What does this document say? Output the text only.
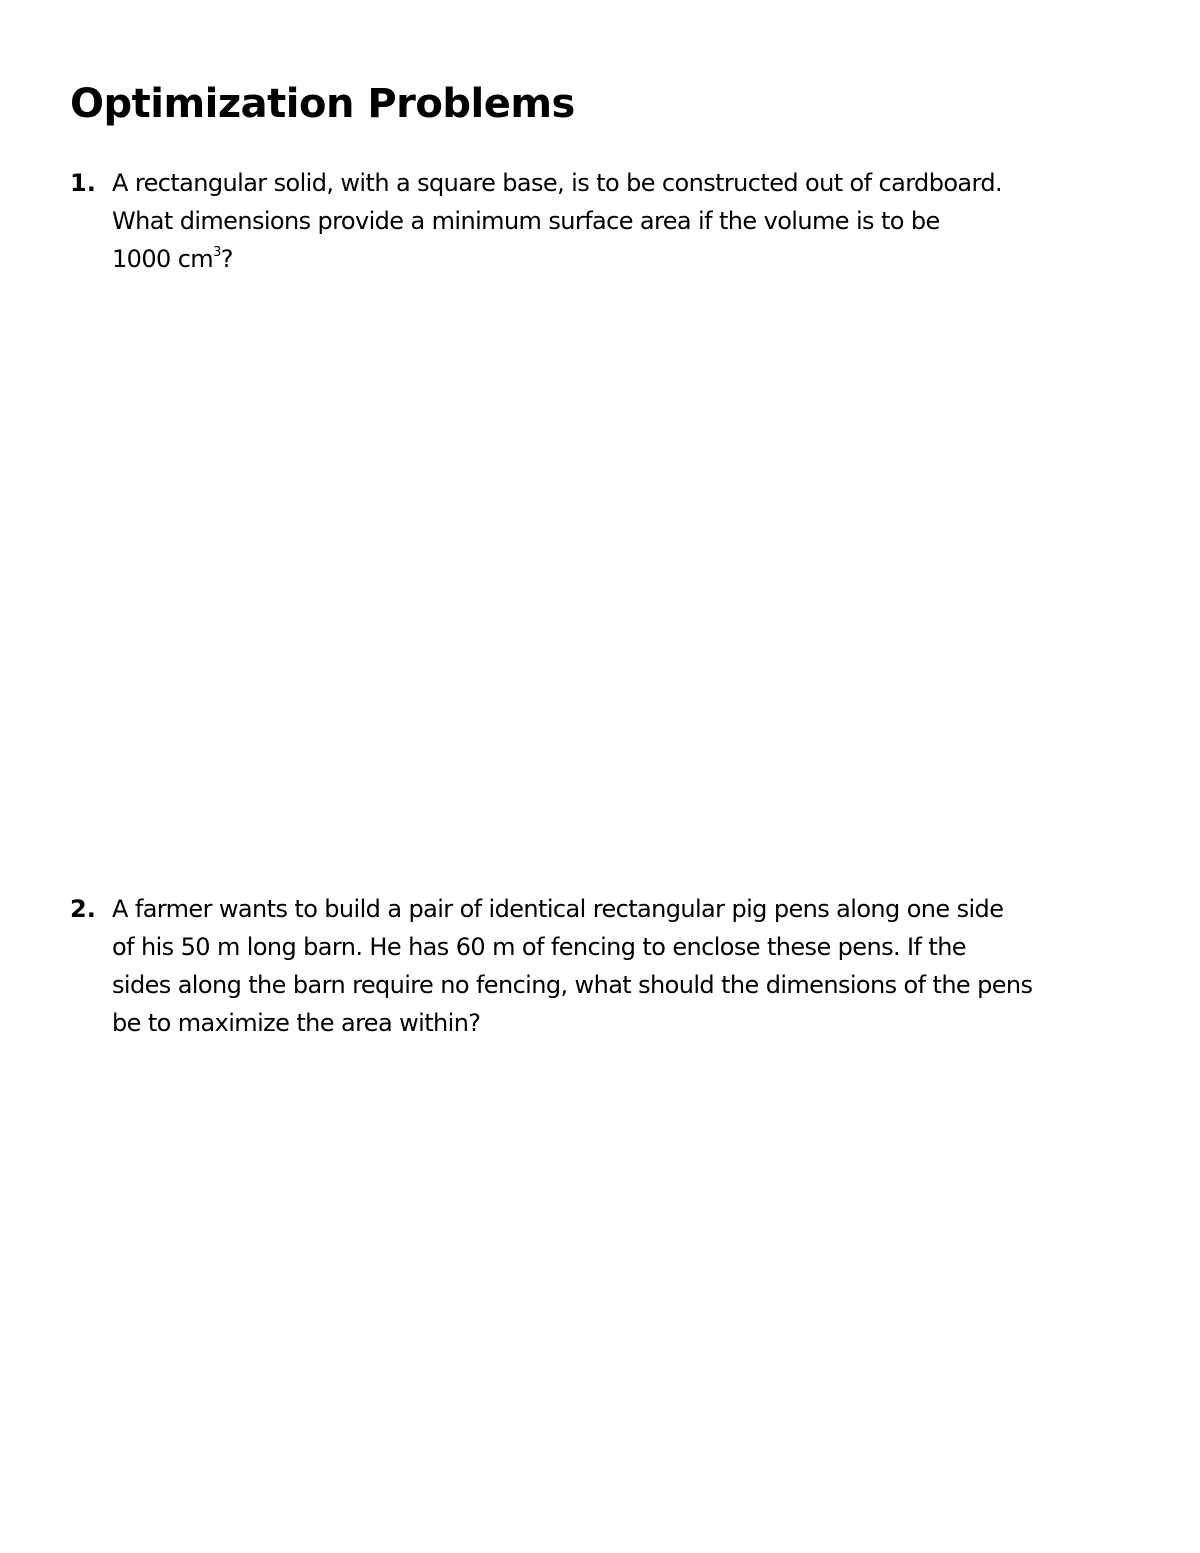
Optimization Problems
1. A rectangular solid, with a square base, is to be constructed out of cardboard.
What dimensions provide a minimum surface area if the volume is to be
1000 $cm^3$?
2. A farmer wants to build a pair of identical rectangular pig pens along one side
of his 50 m long barn. He has 60 m of fencing to enclose these pens. If the
sides along the barn require no fencing, what should the dimensions of the pens
be to maximize the area within?
